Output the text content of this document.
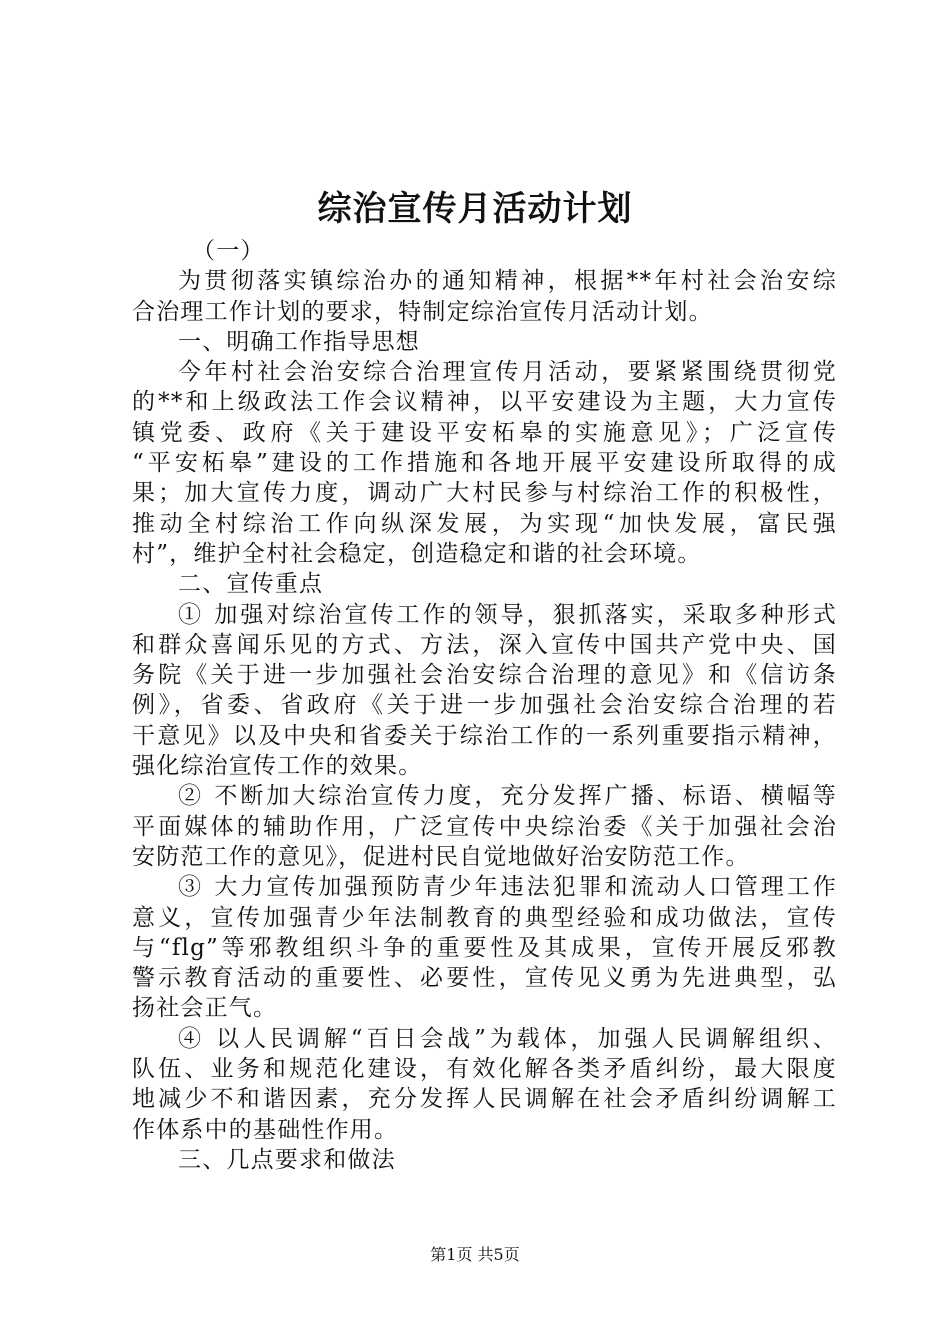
综治宣传月活动计划
（一）
为贯彻落实镇综治办的通知精神，根据**年村社会治安综
合治理工作计划的要求，特制定综治宣传月活动计划。
一、明确工作指导思想
今年村社会治安综合治理宣传月活动，要紧紧围绕贯彻党
的**和上级政法工作会议精神，以平安建设为主题，大力宣传
镇党委、政府《关于建设平安柘皋的实施意见》；广泛宣传
“平安柘皋”建设的工作措施和各地开展平安建设所取得的成
果；加大宣传力度，调动广大村民参与村综治工作的积极性，
推动全村综治工作向纵深发展，为实现“加快发展，富民强
村”，维护全村社会稳定，创造稳定和谐的社会环境。
二、宣传重点
① 加强对综治宣传工作的领导，狠抓落实，采取多种形式
和群众喜闻乐见的方式、方法，深入宣传中国共产党中央、国
务院《关于进一步加强社会治安综合治理的意见》和《信访条
例》，省委、省政府《关于进一步加强社会治安综合治理的若
干意见》以及中央和省委关于综治工作的一系列重要指示精神，
强化综治宣传工作的效果。
② 不断加大综治宣传力度，充分发挥广播、标语、横幅等
平面媒体的辅助作用，广泛宣传中央综治委《关于加强社会治
安防范工作的意见》，促进村民自觉地做好治安防范工作。
③ 大力宣传加强预防青少年违法犯罪和流动人口管理工作
意义，宣传加强青少年法制教育的典型经验和成功做法，宣传
与“flg”等邪教组织斗争的重要性及其成果，宣传开展反邪教
警示教育活动的重要性、必要性，宣传见义勇为先进典型，弘
扬社会正气。
④ 以人民调解“百日会战”为载体，加强人民调解组织、
队伍、业务和规范化建设，有效化解各类矛盾纠纷，最大限度
地减少不和谐因素，充分发挥人民调解在社会矛盾纠纷调解工
作体系中的基础性作用。
三、几点要求和做法
第1页 共5页
